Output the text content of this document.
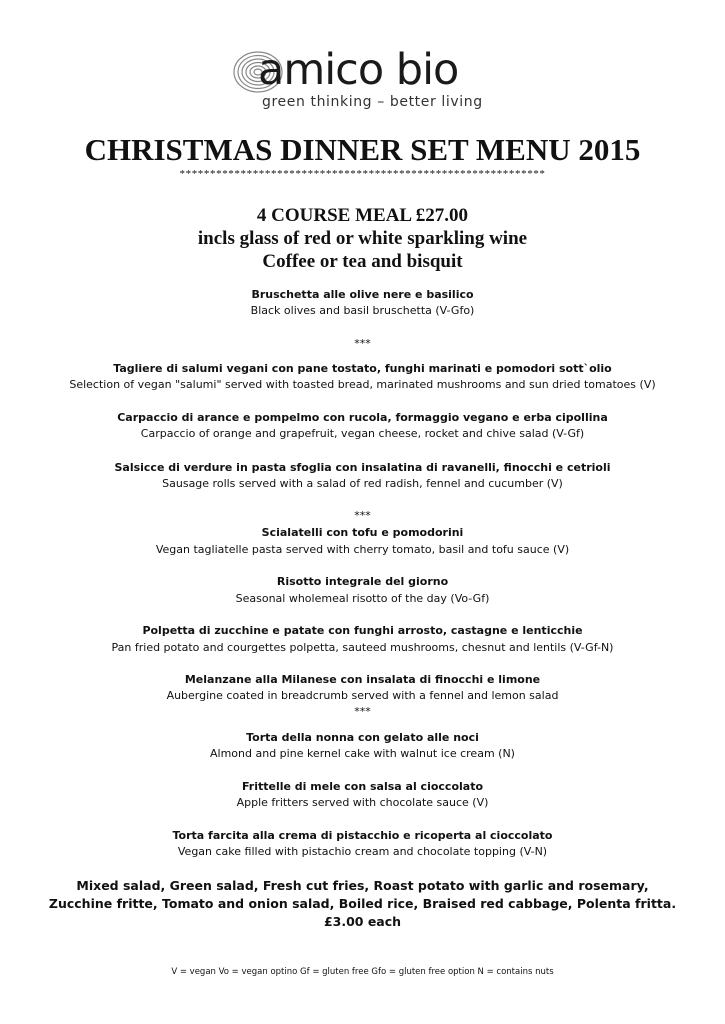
amico bio
green thinking – better living
CHRISTMAS DINNER SET MENU 2015
************************************************************
4 COURSE MEAL £27.00
incls glass of red or white sparkling wine
Coffee or tea and bisquit
Bruschetta alle olive nere e basilico
Black olives and basil bruschetta (V-Gfo)
***
Tagliere di salumi vegani con pane tostato, funghi marinati e pomodori sott`olio
Selection of vegan "salumi" served with toasted bread, marinated mushrooms and sun dried tomatoes (V)
Carpaccio di arance e pompelmo con rucola, formaggio vegano e erba cipollina
Carpaccio of orange and grapefruit, vegan cheese, rocket and chive salad (V-Gf)
Salsicce di verdure in pasta sfoglia con insalatina di ravanelli, finocchi e cetrioli
Sausage rolls served with a salad of red radish, fennel and cucumber (V)
***
Scialatelli con tofu e pomodorini
Vegan tagliatelle pasta served with cherry tomato, basil and tofu sauce (V)
Risotto integrale del giorno
Seasonal wholemeal risotto of the day (Vo-Gf)
Polpetta di zucchine e patate con funghi arrosto, castagne e lenticchie
Pan fried potato and courgettes polpetta, sauteed mushrooms, chesnut and lentils (V-Gf-N)
Melanzane alla Milanese con insalata di finocchi e limone
Aubergine coated in breadcrumb served with a fennel and lemon salad
***
Torta della nonna con gelato alle noci
Almond and pine kernel cake with walnut ice cream (N)
Frittelle di mele con salsa al cioccolato
Apple fritters served with chocolate sauce (V)
Torta farcita alla crema di pistacchio e ricoperta al cioccolato
Vegan cake filled with pistachio cream and chocolate topping (V-N)
Mixed salad, Green salad, Fresh cut fries, Roast potato with garlic and rosemary,
Zucchine fritte, Tomato and onion salad, Boiled rice, Braised red cabbage, Polenta fritta.
£3.00 each
V = vegan Vo = vegan optino Gf = gluten free Gfo = gluten free option N = contains nuts
